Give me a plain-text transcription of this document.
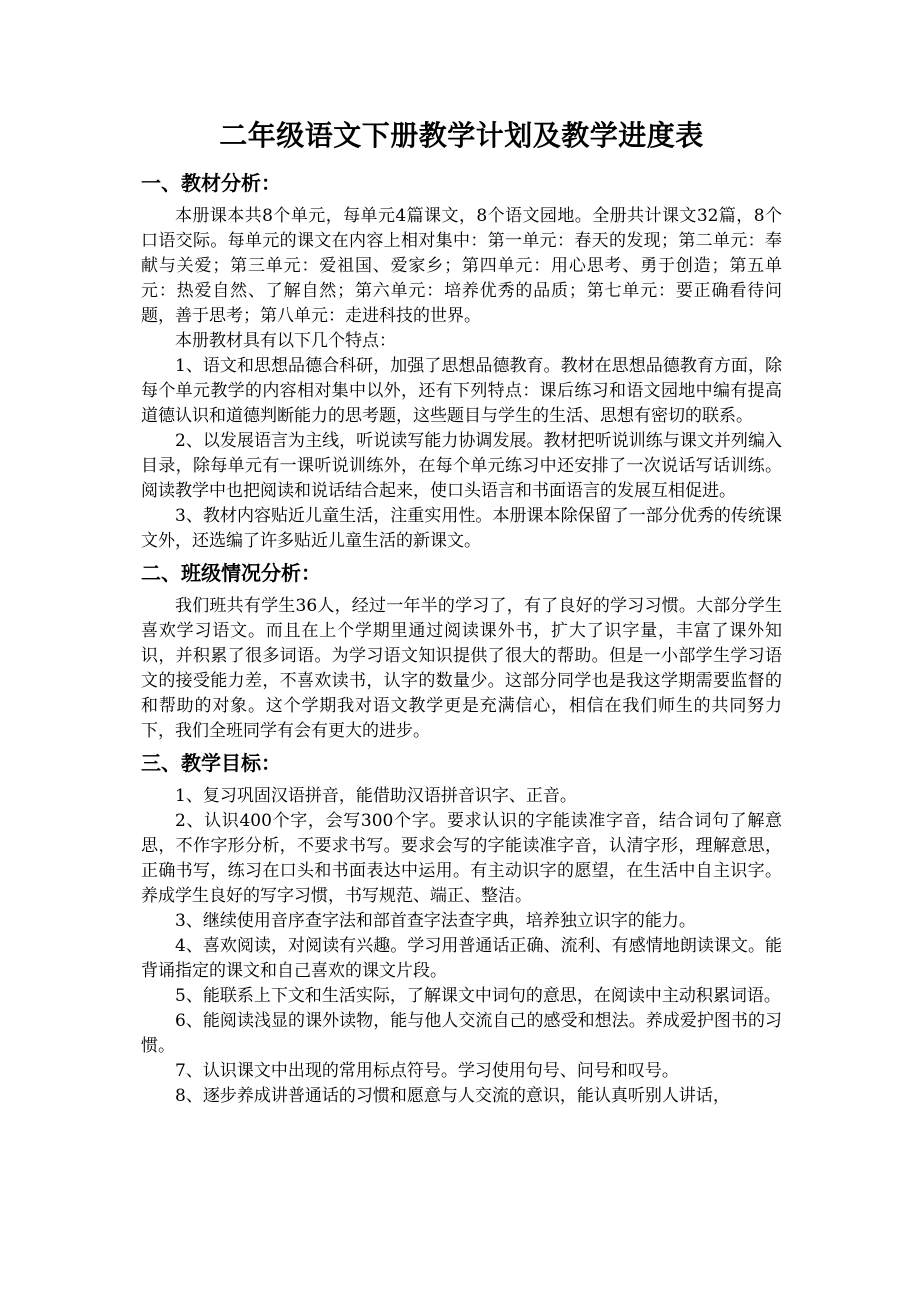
二年级语文下册教学计划及教学进度表
一、教材分析：

本册课本共8个单元，每单元4篇课文，8个语文园地。全册共计课文32篇，8个口语交际。每单元的课文在内容上相对集中：第一单元：春天的发现；第二单元：奉献与关爱；第三单元：爱祖国、爱家乡；第四单元：用心思考、勇于创造；第五单元：热爱自然、了解自然；第六单元：培养优秀的品质；第七单元：要正确看待问题，善于思考；第八单元：走进科技的世界。

本册教材具有以下几个特点：

1、语文和思想品德合科研，加强了思想品德教育。教材在思想品德教育方面，除每个单元教学的内容相对集中以外，还有下列特点：课后练习和语文园地中编有提高道德认识和道德判断能力的思考题，这些题目与学生的生活、思想有密切的联系。

2、以发展语言为主线，听说读写能力协调发展。教材把听说训练与课文并列编入目录，除每单元有一课听说训练外，在每个单元练习中还安排了一次说话写话训练。阅读教学中也把阅读和说话结合起来，使口头语言和书面语言的发展互相促进。

3、教材内容贴近儿童生活，注重实用性。本册课本除保留了一部分优秀的传统课文外，还选编了许多贴近儿童生活的新课文。

二、班级情况分析：

我们班共有学生36人，经过一年半的学习了，有了良好的学习习惯。大部分学生喜欢学习语文。而且在上个学期里通过阅读课外书，扩大了识字量，丰富了课外知识，并积累了很多词语。为学习语文知识提供了很大的帮助。但是一小部学生学习语文的接受能力差，不喜欢读书，认字的数量少。这部分同学也是我这学期需要监督的和帮助的对象。这个学期我对语文教学更是充满信心，相信在我们师生的共同努力下，我们全班同学有会有更大的进步。

三、教学目标：

1、复习巩固汉语拼音，能借助汉语拼音识字、正音。

2、认识400个字，会写300个字。要求认识的字能读准字音，结合词句了解意思，不作字形分析，不要求书写。要求会写的字能读准字音，认清字形，理解意思，正确书写，练习在口头和书面表达中运用。有主动识字的愿望，在生活中自主识字。养成学生良好的写字习惯，书写规范、端正、整洁。

3、继续使用音序查字法和部首查字法查字典，培养独立识字的能力。

4、喜欢阅读，对阅读有兴趣。学习用普通话正确、流利、有感情地朗读课文。能背诵指定的课文和自己喜欢的课文片段。

5、能联系上下文和生活实际，了解课文中词句的意思，在阅读中主动积累词语。

6、能阅读浅显的课外读物，能与他人交流自己的感受和想法。养成爱护图书的习惯。

7、认识课文中出现的常用标点符号。学习使用句号、问号和叹号。

8、逐步养成讲普通话的习惯和愿意与人交流的意识，能认真听别人讲话，
